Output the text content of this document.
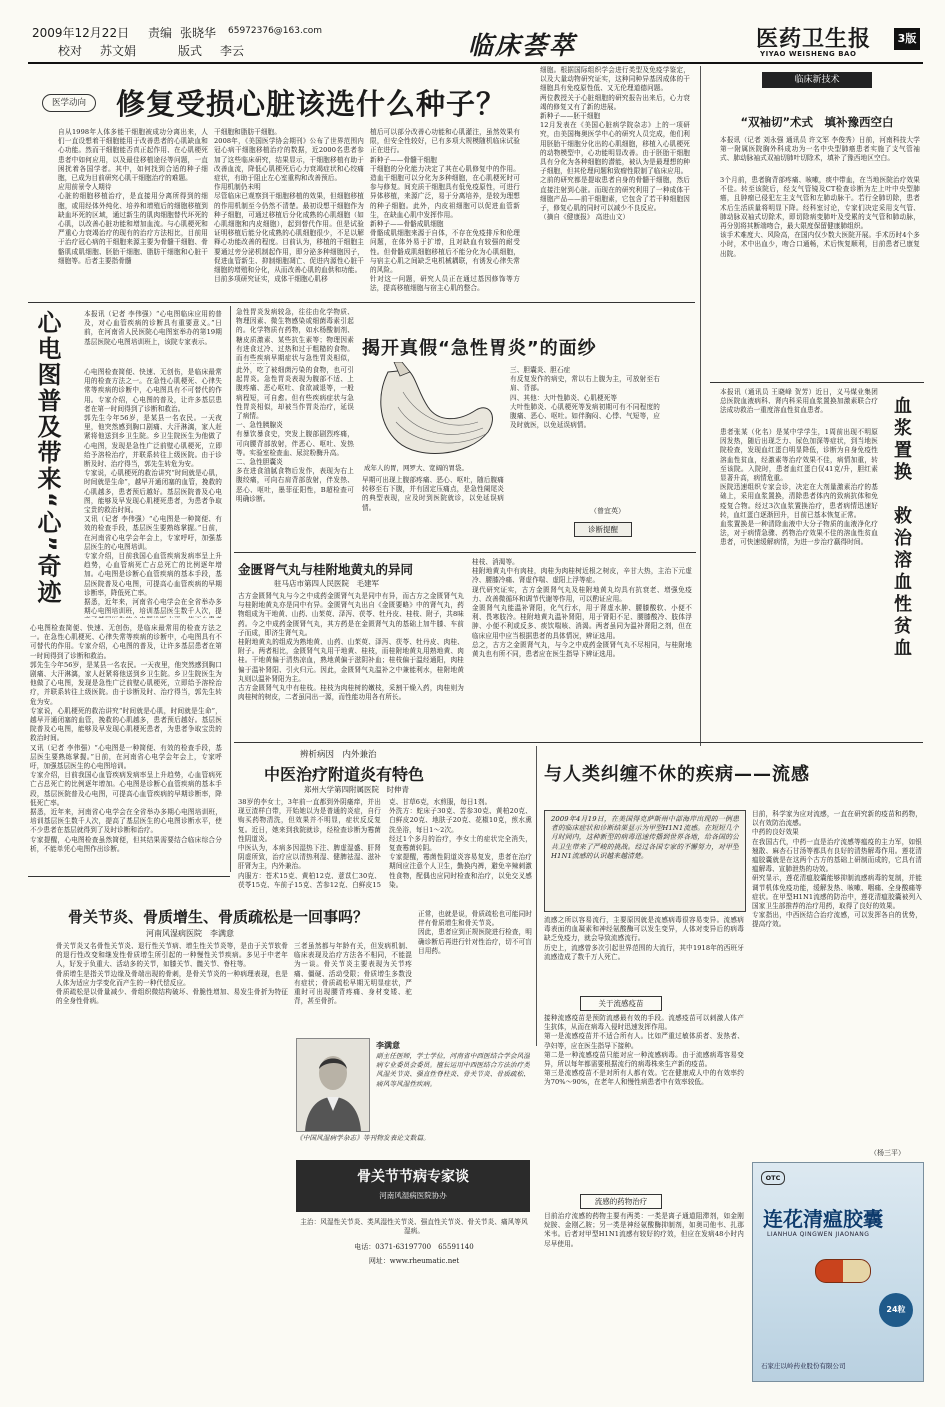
2009年12月22日 责编 张晓华 65972376@163.com
校对 苏文娟	版式 李云	临床荟萃	医药卫生报
YIYAO WEISHENG BAO
3版
医学动向	修复受损心脏该选什么种子？
自从1998年人体多能干细胞被成功分离出来，人们一直设想着干细胞能用于改善患者的心肌缺血和心功能。然而干细胞能否真正起作用、在心肌梗死患者中如何应用，以及最佳移植途径等问题，一直困扰着各国学者。其中，如何找到合适的种子细胞，已成为目前研究心肌干细胞治疗的难题。
应用前景令人期待
心脏的细胞移植治疗，是直接用分离所得到的细胞，或用经体外纯化、培养和增殖后的细胞移植到缺血坏死的区域，通过新生的肌肉细胞替代坏死的心肌，以改善心脏功能和增加血流。与心肌梗死和严重心力衰竭治疗的现有的治疗方法相比，目前用于治疗冠心病的干细胞来源主要为骨髓干细胞、骨骼肌成肌细胞、胚胎干细胞、脂肪干细胞和心脏干细胞等。后者主要指骨髓
干细胞和脂肪干细胞。
2008年，《美国医学协会期刊》公布了世界范围内冠心病干细胞移植治疗的数据，近2000名患者参加了这些临床研究，结果显示，干细胞移植有助于改善血流，降低心肌梗死后心力衰竭症状和心绞痛症状，有助于阻止左心室重构和改善预后。
作用机制仍未明
尽管临床已观察到干细胞移植的效果，但细胞移植的作用机制至今仍然不清楚。最初设想干细胞作为种子细胞，可通过移植后分化成熟的心肌细胞（如心肌细胞和内皮细胞），起到替代作用。但是试验证明移植后能分化成熟的心肌细胞很少，不足以解释心功能改善的程度。目前认为，移植的干细胞主要通过旁分泌机制起作用，即分泌多种细胞因子，促进血管新生、抑制细胞凋亡、促进内源性心脏干细胞的增殖和分化，从而改善心肌的血供和功能。
目前多项研究证实，成体干细胞心肌移
植后可以部分改善心功能和心肌灌注，虽然效果有限，但安全性较好，已有多项大规模随机临床试验正在进行。
新种子——骨髓干细胞
干细胞的分化能力决定了其在心肌修复中的作用。造血干细胞可以分化为多种细胞，在心肌梗死时可参与修复。间充质干细胞具有低免疫原性，可进行异体移植，来源广泛，易于分离培养，是较为理想的种子细胞。此外，内皮祖细胞可以促进血管新生，在缺血心肌中发挥作用。
新种子——骨骼成肌细胞
骨骼成肌细胞来源于自体，不存在免疫排斥和伦理问题，在体外易于扩增，且对缺血有较强的耐受性。但骨骼成肌细胞移植后不能分化为心肌细胞，与宿主心肌之间缺乏电机械耦联，有诱发心律失常的风险。
针对这一问题，研究人员正在通过基因修饰等方法，提高移植细胞与宿主心肌的整合。
细胞。根据国际组织学会进行类型及免疫学鉴定，以及大量动物研究证实，这种同种异基因成体的干细胞具有免疫原性低、又无伦理道德问题。
两位教授关于心脏细胞的研究报告出来后，心力衰竭的修复又有了新的进展。
新种子——胚干细胞
12月发表在《美国心脏病学院杂志》上的一项研究，由美国梅奥医学中心的研究人员完成，他们利用胚胎干细胞分化出的心肌细胞，移植入心肌梗死的动物模型中，心功能明显改善。由于胚胎干细胞具有分化为各种细胞的潜能，被认为是最理想的种子细胞，但其伦理问题和致瘤性限制了临床应用。
之前的研究都是提取患者自身的骨髓干细胞，然后直接注射到心脏。而现在的研究利用了一种成体干细胞产品——前干细胞素，它包含了若干种细胞因子，修复心肌的同时可以减少不良反应。
（摘自《健康报》 高进山文）
临床新技术
“双袖切”术式　填补豫西空白
本报讯（记者 刘永强 通讯员 许文军 李俊秀）日前，河南科技大学第一附属医院胸外科成功为一名中央型肺癌患者实施了支气管袖式、肺动脉袖式双袖切肺叶切除术，填补了豫西地区空白。
3个月前，患者胸背部疼痛、咳嗽，痰中带血，在当地医院治疗效果不佳。转至该院后，经支气管镜及CT检查诊断为左上叶中央型肺癌，且肿瘤已侵犯左主支气管和左肺动脉干。若行全肺切除，患者术后生活质量将明显下降。经科室讨论，专家们决定采用支气管、肺动脉双袖式切除术，即切除病变肺叶及受累的支气管和肺动脉，再分别将其断端吻合，最大限度保留健康肺组织。
该手术难度大、风险高，在国内仅少数大医院开展。手术历时4个多小时，术中出血少，吻合口通畅，术后恢复顺利，目前患者已康复出院。
血浆置换　救治溶血性贫血
本报讯（通讯员 王晓峰 贺芳）近日，义马煤业集团总医院血液病科、肾内科采用血浆置换加激素联合疗法成功救治一重度溶血性贫血患者。
患者张某（化名）是某中学学生，1周前出现不明原因发热，随后出现乏力、尿色加深等症状，到当地医院检查，发现血红蛋白明显降低，诊断为自身免疫性溶血性贫血，经激素等治疗效果不佳，病情加重，转至该院。入院时，患者血红蛋白仅41克/升，胆红素显著升高，病情危重。
医院迅速组织专家会诊，决定在大剂量激素治疗的基础上，采用血浆置换，清除患者体内的致病抗体和免疫复合物。经过3次血浆置换治疗，患者病情迅速好转，血红蛋白逐渐回升，目前已基本恢复正常。
血浆置换是一种清除血液中大分子物质的血液净化疗法，对于病情急骤、药物治疗效果不佳的溶血性贫血患者，可快速缓解病情，为进一步治疗赢得时间。
心电图普及带来“心”奇迹	本报讯（记者 李伟强）“心电图临床应用的普及，对心血管疾病的诊断具有重要意义。”日前，在河南省人民医院心电图室举办的第19期基层医院心电图培训班上，该院专家表示。
心电图检查简便、快速、无创伤，是临床最常用的检查方法之一。在急性心肌梗死、心律失常等疾病的诊断中，心电图具有不可替代的作用。专家介绍，心电图的普及，让许多基层患者在第一时间得到了诊断和救治。
郭先生今年56岁，是某县一名农民。一天夜里，他突然感到胸口剧痛、大汗淋漓，家人赶紧将他送到乡卫生院。乡卫生院医生为他做了心电图，发现是急性广泛前壁心肌梗死，立即给予溶栓治疗，并联系转往上级医院。由于诊断及时、治疗得当，郭先生转危为安。
专家说，心肌梗死的救治讲究“时间就是心肌，时间就是生命”，越早开通闭塞的血管，挽救的心肌越多，患者预后越好。基层医院普及心电图，能够及早发现心肌梗死患者，为患者争取宝贵的救治时间。
又讯（记者 李伟强）“心电图是一种简便、有效的检查手段，基层医生要熟练掌握。”日前，在河南省心电学会年会上，专家呼吁，加强基层医生的心电图培训。
专家介绍，目前我国心血管疾病发病率呈上升趋势，心血管病死亡占总死亡的比例逐年增加。心电图是诊断心血管疾病的基本手段，基层医院普及心电图，可提高心血管疾病的早期诊断率，降低死亡率。
据悉，近年来，河南省心电学会在全省举办多期心电图培训班，培训基层医生数千人次，提

心电图检查简便、快速、无创伤，是临床最常用的检查方法之一。在急性心肌梗死、心律失常等疾病的诊断中，心电图具有不可替代的作用。专家介绍，心电图的普及，让许多基层患者在第一时间得到了诊断和救治。
郭先生今年56岁，是某县一名农民。一天夜里，他突然感到胸口剧痛、大汗淋漓，家人赶紧将他送到乡卫生院。乡卫生院医生为他做了心电图，发现是急性广泛前壁心肌梗死，立即给予溶栓治疗，并联系转往上级医院。由于诊断及时、治疗得当，郭先生转危为安。
专家说，心肌梗死的救治讲究“时间就是心肌，时间就是生命”，越早开通闭塞的血管，挽救的心肌越多，患者预后越好。基层医院普及心电图，能够及早发现心肌梗死患者，为患者争取宝贵的救治时间。
又讯（记者 李伟强）“心电图是一种简便、有效的检查手段，基层医生要熟练掌握。”日前，在河南省心电学会年会上，专家呼吁，加强基层医生的心电图培训。
专家介绍，目前我国心血管疾病发病率呈上升趋势，心血管病死亡占总死亡的比例逐年增加。心电图是诊断心血管疾病的基本手段，基层医院普及心电图，可提高心血管疾病的早期诊断率，降低死亡率。
据悉，近年来，河南省心电学会在全省举办多期心电图培训班，培训基层医生数千人次，提高了基层医生的心电图诊断水平，使不少患者在基层就得到了及时诊断和治疗。
专家提醒，心电图检查虽然简便，但其结果需要结合临床综合分析，不能单凭心电图作出诊断。
急性胃炎发病较急，往往由化学物质、物理因素、微生物感染或细菌毒素引起的。化学物质有药物，如水杨酸制剂、糖皮质激素、某些抗生素等；物理因素有进食过冷、过热和过于粗糙的食物。而有些疾病早期症状与急性胃炎相似， 揭开真假“急性胃炎”的面纱
此外，吃了被细菌污染的食物，也可引起胃炎。急性胃炎表现为腹部不适、上腹疼痛、恶心呕吐、食欲减退等，一般病程短，可自愈。但有些疾病症状与急性胃炎相似，却被当作胃炎治疗，延误了病情。
一、急性胰腺炎
有暴饮暴食史，突发上腹部剧烈疼痛，可向腰背部放射，伴恶心、呕吐、发热等。实验室检查血、尿淀粉酶升高。
二、急性胆囊炎
多在进食油腻食物后发作，表现为右上腹绞痛，可向右肩背部放射，伴发热、恶心、呕吐，墨菲征阳性，B超检查可明确诊断。
成年人的胃，网罗大、宽阔的胃袋。
早期可出现上腹部疼痛、恶心、呕吐，随后腹痛转移至右下腹，并有固定压痛点，是急性阑尾炎的典型表现，应及时到医院就诊，以免延误病情。
三、胆囊炎、胆石症
有反复发作的病史，常以右上腹为主，可放射至右肩、背部。
四、其他：大叶性肺炎、心肌梗死等
大叶性肺炎、心肌梗死等发病初期可有不同程度的腹痛、恶心、呕吐。如伴胸闷、心悸、气短等，应及时就医，以免延误病情。
（曾宜英）
诊断提醒
金匮肾气丸与桂附地黄丸的异同
驻马店市第四人民医院　毛建军
古方金匮肾气丸与今之中成药金匮肾气丸是同中有异，而古方之金匮肾气丸与桂附地黄丸亦是同中有异。金匮肾气丸出自《金匮要略》中的肾气丸，药物组成为干地黄、山药、山茱萸、泽泻、茯苓、牡丹皮、桂枝、附子，共8味药。今之中成药金匮肾气丸，其方药是在金匮肾气丸的基础上加牛膝、车前子而成，即济生肾气丸。
桂附地黄丸的组成为熟地黄、山药、山茱萸、泽泻、茯苓、牡丹皮、肉桂、附子。两者相比，金匮肾气丸用干地黄、桂枝，而桂附地黄丸用熟地黄、肉桂。干地黄偏于清热凉血，熟地黄偏于滋阴补血；桂枝偏于温经通阳，肉桂偏于温补肾阳、引火归元。因此，金匮肾气丸温补之中兼能利水，桂附地黄丸则以温补肾阳为主。
古方金匮肾气丸中有桂枝。桂枝为肉桂树的嫩枝，采割干燥入药，肉桂则为肉桂树的树皮，二者虽同出一源，而性能功用各有所长。
桂枝、消渴等。
桂附地黄丸中有肉桂，肉桂为肉桂树近根之树皮，辛甘大热，主治下元虚冷、腰膝冷痛、肾虚作喘、虚阳上浮等症。
现代研究证实，古方金匮肾气丸及桂附地黄丸均具有抗衰老、增强免疫力、改善微循环和调节代谢等作用，可以酌证应用。
金匮肾气丸能温补肾阳，化气行水，用于肾虚水肿、腰膝酸软、小便不利、畏寒肢冷。桂附地黄丸温补肾阳，用于肾阳不足、腰膝酸冷、肢体浮肿、小便不利或反多、痰饮喘咳、消渴。两者虽同为温补肾阳之剂，但在临床应用中应当根据患者的具体情况，辨证选用。
总之，古方之金匮肾气丸，与今之中成药金匮肾气丸不尽相同，与桂附地黄丸也有所不同，患者应在医生指导下辨证选用。
辨析病因　内外兼治
中医治疗附道炎有特色
郑州大学第四附属医院　时伸青
38岁的李女士，3年前一直都到外阴瘙痒，并出现豆渣样白带，开始她以为是普通的炎症，自行购买药物清洗，但效果并不明显，症状反反复复。近日，她来到我院就诊，经检查诊断为霉菌性阴道炎。
中医认为，本病多因湿热下注、脾虚湿盛、肝肾阴虚所致，治疗应以清热利湿、健脾祛湿、滋补肝肾为主，内外兼治。
内服方：苍术15克、黄柏12克、薏苡仁30克、茯苓15克、车前子15克、苦参12克、白鲜皮15克、甘草6克，水煎服，每日1剂。
外洗方：蛇床子30克、苦参30克、黄柏20克、白鲜皮20克、地肤子20克、花椒10克，煎水熏洗坐浴，每日1～2次。
经过1个多月的治疗，李女士的症状完全消失，复查霉菌转阴。
专家提醒，霉菌性阴道炎容易复发，患者在治疗期间应注意个人卫生，勤换内裤，避免辛辣刺激性食物，配偶也应同时检查和治疗，以免交叉感染。
与人类纠缠不休的疾病——流感
2009年4月19日，在美国得克萨斯州中部海岸出现的一例患者的临床症状和诊断结果显示为甲型H1N1流感。在短短几个月时间内，这种新型的病毒迅速传播到世界各地，给各国的公共卫生带来了严峻的挑战。经过各国专家的不懈努力，对甲型H1N1流感的认识越来越清楚。
流感之所以容易流行，主要原因就是流感病毒很容易变异。流感病毒表面的血凝素和神经氨酸酶可以发生变异，人体对变异后的病毒缺乏免疫力，就会导致流感流行。
历史上，流感曾多次引起世界范围的大流行，其中1918年的西班牙流感造成了数千万人死亡。
关于流感疫苗
接种流感疫苗是预防流感最有效的手段。流感疫苗可以刺激人体产生抗体，从而在病毒入侵时迅速发挥作用。
第一是流感疫苗并不适合所有人。比如严重过敏体质者、发热者、孕妇等，应在医生指导下接种。
第二是一种流感疫苗只能对应一种流感病毒。由于流感病毒容易变异，所以每年都需要根据流行的病毒株来生产新的疫苗。
第三是流感疫苗不是对所有人都有效。它在健康成人中的有效率约为70%～90%，在老年人和慢性病患者中有效率较低。
流感的药物治疗
目前治疗流感的药物主要有两类：一类是离子通道阻滞剂，如金刚烷胺、金刚乙胺；另一类是神经氨酸酶抑制剂，如奥司他韦、扎那米韦。后者对甲型H1N1流感有较好的疗效，但应在发病48小时内尽早使用。
目前，科学家为应对流感，一直在研究新的疫苗和药物，以有效防治流感。
中药的良好效果
在我国古代，中药一直是治疗流感等瘟疫的主力军，如银翘散、麻杏石甘汤等都具有良好的清热解毒作用。莲花清瘟胶囊就是在这两个古方的基础上研制而成的，它具有清瘟解毒、宣肺泄热的功效。
研究显示，莲花清瘟胶囊能够抑制流感病毒的复制，并能调节机体免疫功能，缓解发热、咳嗽、咽痛、全身酸痛等症状。在甲型H1N1流感的防治中，莲花清瘟胶囊被列入国家卫生部推荐的治疗用药，取得了良好的效果。
专家指出，中西医结合治疗流感，可以发挥各自的优势，提高疗效。
（杨三平）
OTC
连花清瘟胶囊
LIANHUA QINGWEN JIAONANG
24粒
石家庄以岭药业股份有限公司
骨关节炎、骨质增生、骨质疏松是一回事吗？
河南风湿病医院　李满意
骨关节炎又名骨性关节炎、退行性关节病、增生性关节炎等，是由于关节软骨的退行性改变和继发性骨质增生所引起的一种慢性关节疾病。多见于中老年人，好发于负重大、活动多的关节，如膝关节、髋关节、脊柱等。
骨质增生是指关节边缘及骨端出现的骨刺，是骨关节炎的一种病理表现，也是人体为适应力学变化而产生的一种代偿反应。
骨质疏松是以骨量减少、骨组织微结构破坏、骨脆性增加、易发生骨折为特征的全身性骨病。
三者虽然都与年龄有关，但发病机制、临床表现及治疗方法各不相同，不能混为一谈。骨关节炎主要表现为关节疼痛、僵硬、活动受限；骨质增生多数没有症状；骨质疏松早期无明显症状，严重时可出现腰背疼痛、身材变矮、驼背，甚至骨折。
正常，也就是说，骨质疏松也可能同时伴有骨质增生和骨关节炎。
因此，患者应到正规医院进行检查，明确诊断后再进行针对性治疗，切不可盲目用药。
李满意
副主任医师，学士学位，河南省中西医结合学会风湿病专业委员会委员。擅长运用中西医结合方法治疗类风湿关节炎、强直性脊柱炎、骨关节炎、骨质疏松、痛风等风湿性疾病。
《中国风湿病学杂志》等刊物发表论文数篇。
骨关节节病专家谈
河南风湿病医院协办
主治：风湿性关节炎、类风湿性关节炎、强直性关节炎、骨关节炎、痛风等风湿病。
电话：0371-63197700　65591140
网址：www.rheumatic.net
